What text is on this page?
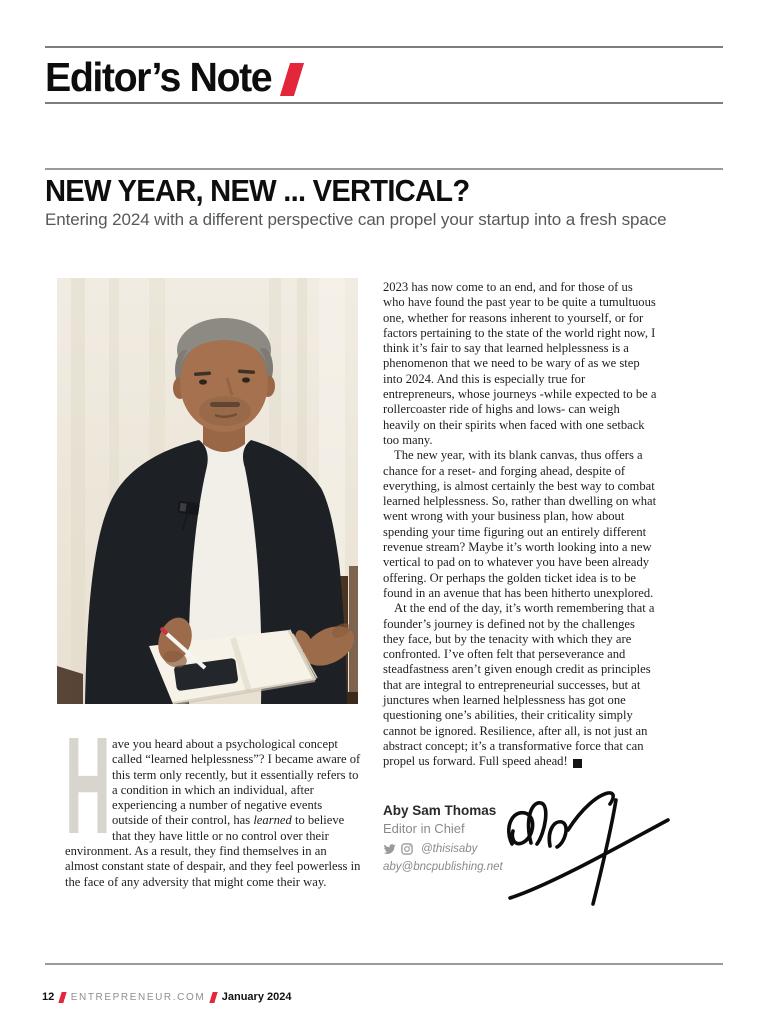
Editor’s Note
NEW YEAR, NEW ... VERTICAL?

Entering 2024 with a different perspective can propel your startup into a fresh space

2023 has now come to an end, and for those of us who have found the past year to be quite a tumultuous one, whether for reasons inherent to yourself, or for factors pertaining to the state of the world right now, I think it’s fair to say that learned helplessness is a phenomenon that we need to be wary of as we step into 2024. And this is especially true for entrepreneurs, whose journeys -while expected to be a rollercoaster ride of highs and lows- can weigh heavily on their spirits when faced with one setback too many.

The new year, with its blank canvas, thus offers a chance for a reset- and forging ahead, despite of everything, is almost certainly the best way to combat learned helplessness. So, rather than dwelling on what went wrong with your business plan, how about spending your time figuring out an entirely different revenue stream? Maybe it’s worth looking into a new vertical to pad on to whatever you have been already offering. Or perhaps the golden ticket idea is to be found in an avenue that has been hitherto unexplored.

At the end of the day, it’s worth remembering that a founder’s journey is defined not by the challenges they face, but by the tenacity with which they are confronted. I’ve often felt that perseverance and steadfastness aren’t given enough credit as principles that are integral to entrepreneurial successes, but at junctures when learned helplessness has got one questioning one’s abilities, their criticality simply cannot be ignored. Resilience, after all, is not just an abstract concept; it’s a transformative force that can propel us forward. Full speed ahead! E

H ave you heard about a psychological concept called “learned helplessness”? I became aware of this term only recently, but it essentially refers to a condition in which an individual, after experiencing a number of negative events outside of their control, has learned to believe that they have little or no control over their environment. As a result, they find themselves in an almost constant state of despair, and they feel powerless in the face of any adversity that might come their way.

Aby Sam Thomas

Editor in Chief

@thisisaby
aby@bncpublishing.net
12 ENTREPRENEUR.COM January 2024
